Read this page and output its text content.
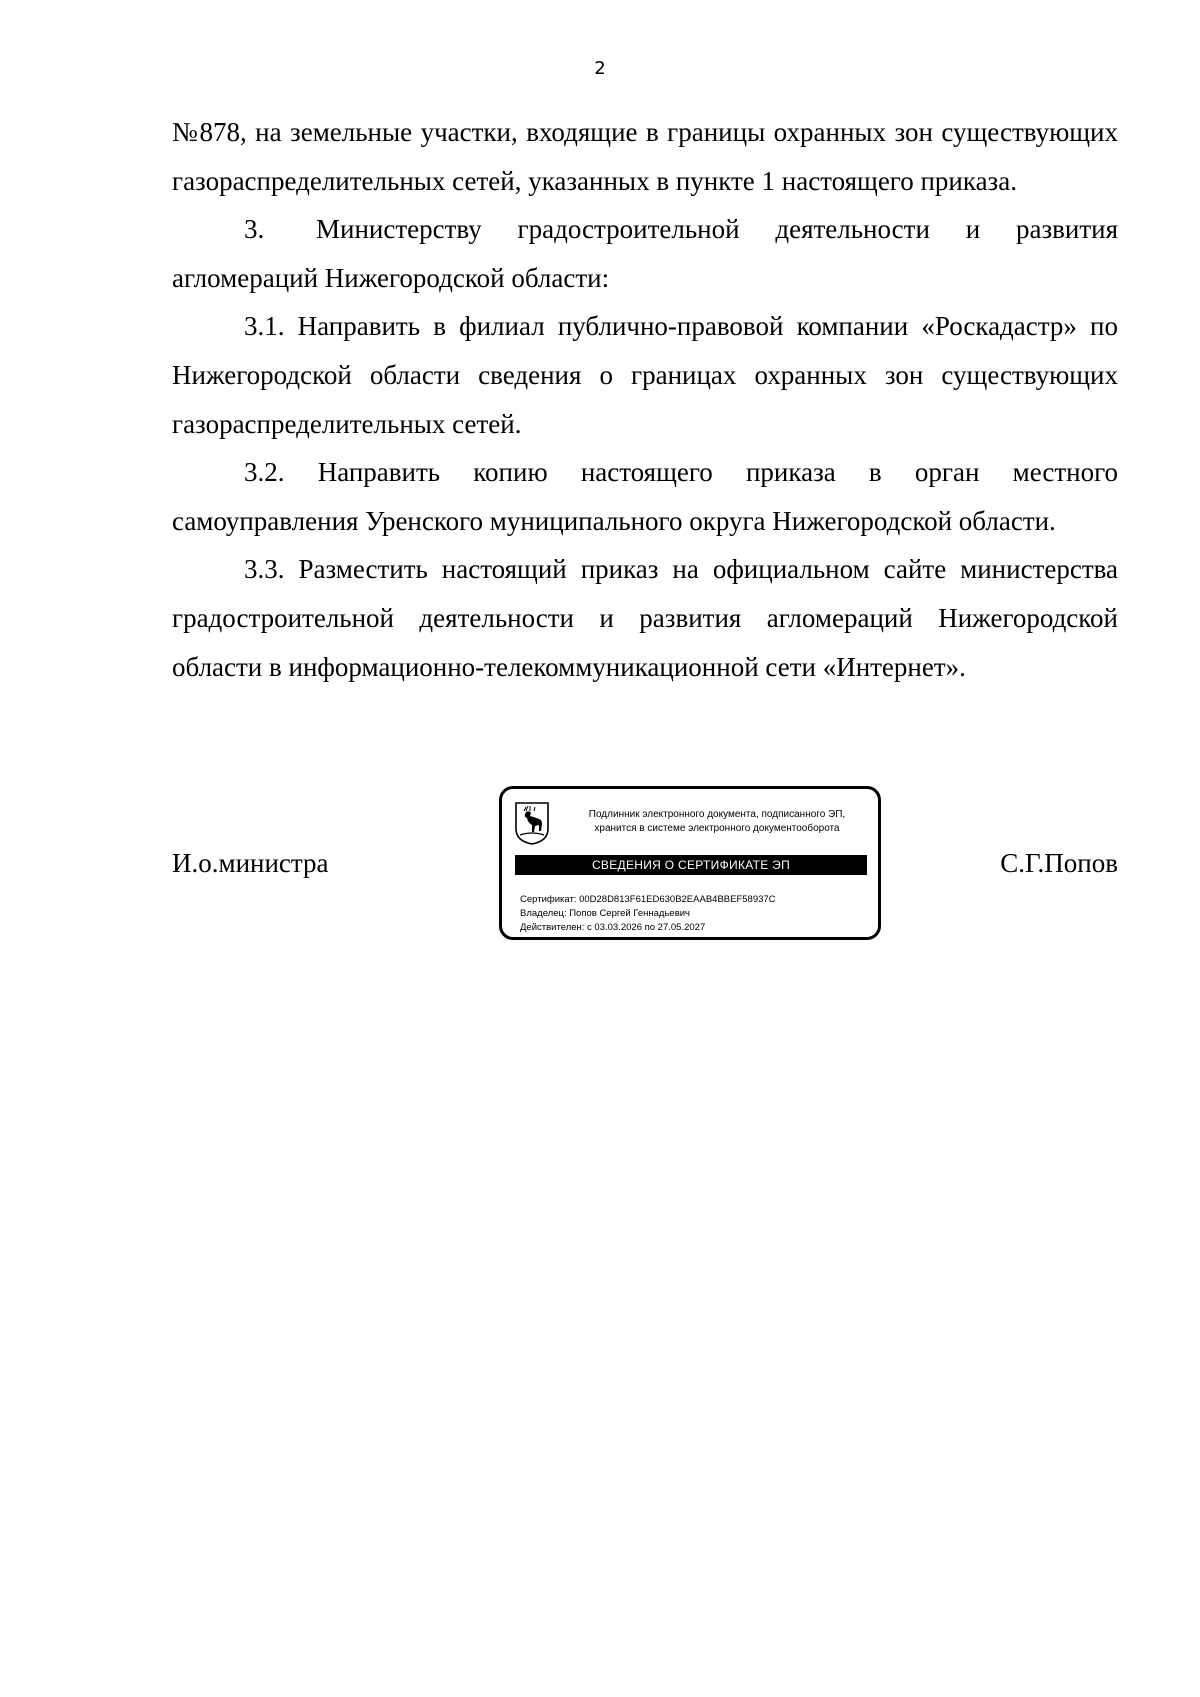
2

№878, на земельные участки, входящие в границы охранных зон существующих газораспределительных сетей, указанных в пункте 1 настоящего приказа.

3. Министерству градостроительной деятельности и развития агломераций Нижегородской области:

3.1. Направить в филиал публично-правовой компании «Роскадастр» по Нижегородской области сведения о границах охранных зон существующих газораспределительных сетей.

3.2. Направить копию настоящего приказа в орган местного самоуправления Уренского муниципального округа Нижегородской области.

3.3. Разместить настоящий приказ на официальном сайте министерства градостроительной деятельности и развития агломераций Нижегородской области в информационно-телекоммуникационной сети «Интернет».

И.о.министра	С.Г.Попов
Подлинник электронного документа, подписанного ЭП,
хранится в системе электронного документооборота
СВЕДЕНИЯ О СЕРТИФИКАТЕ ЭП
Сертификат: 00D28D813F61ED630B2EAAB4BBEF58937C
Владелец: Попов Сергей Геннадьевич
Действителен: с 03.03.2026 по 27.05.2027
